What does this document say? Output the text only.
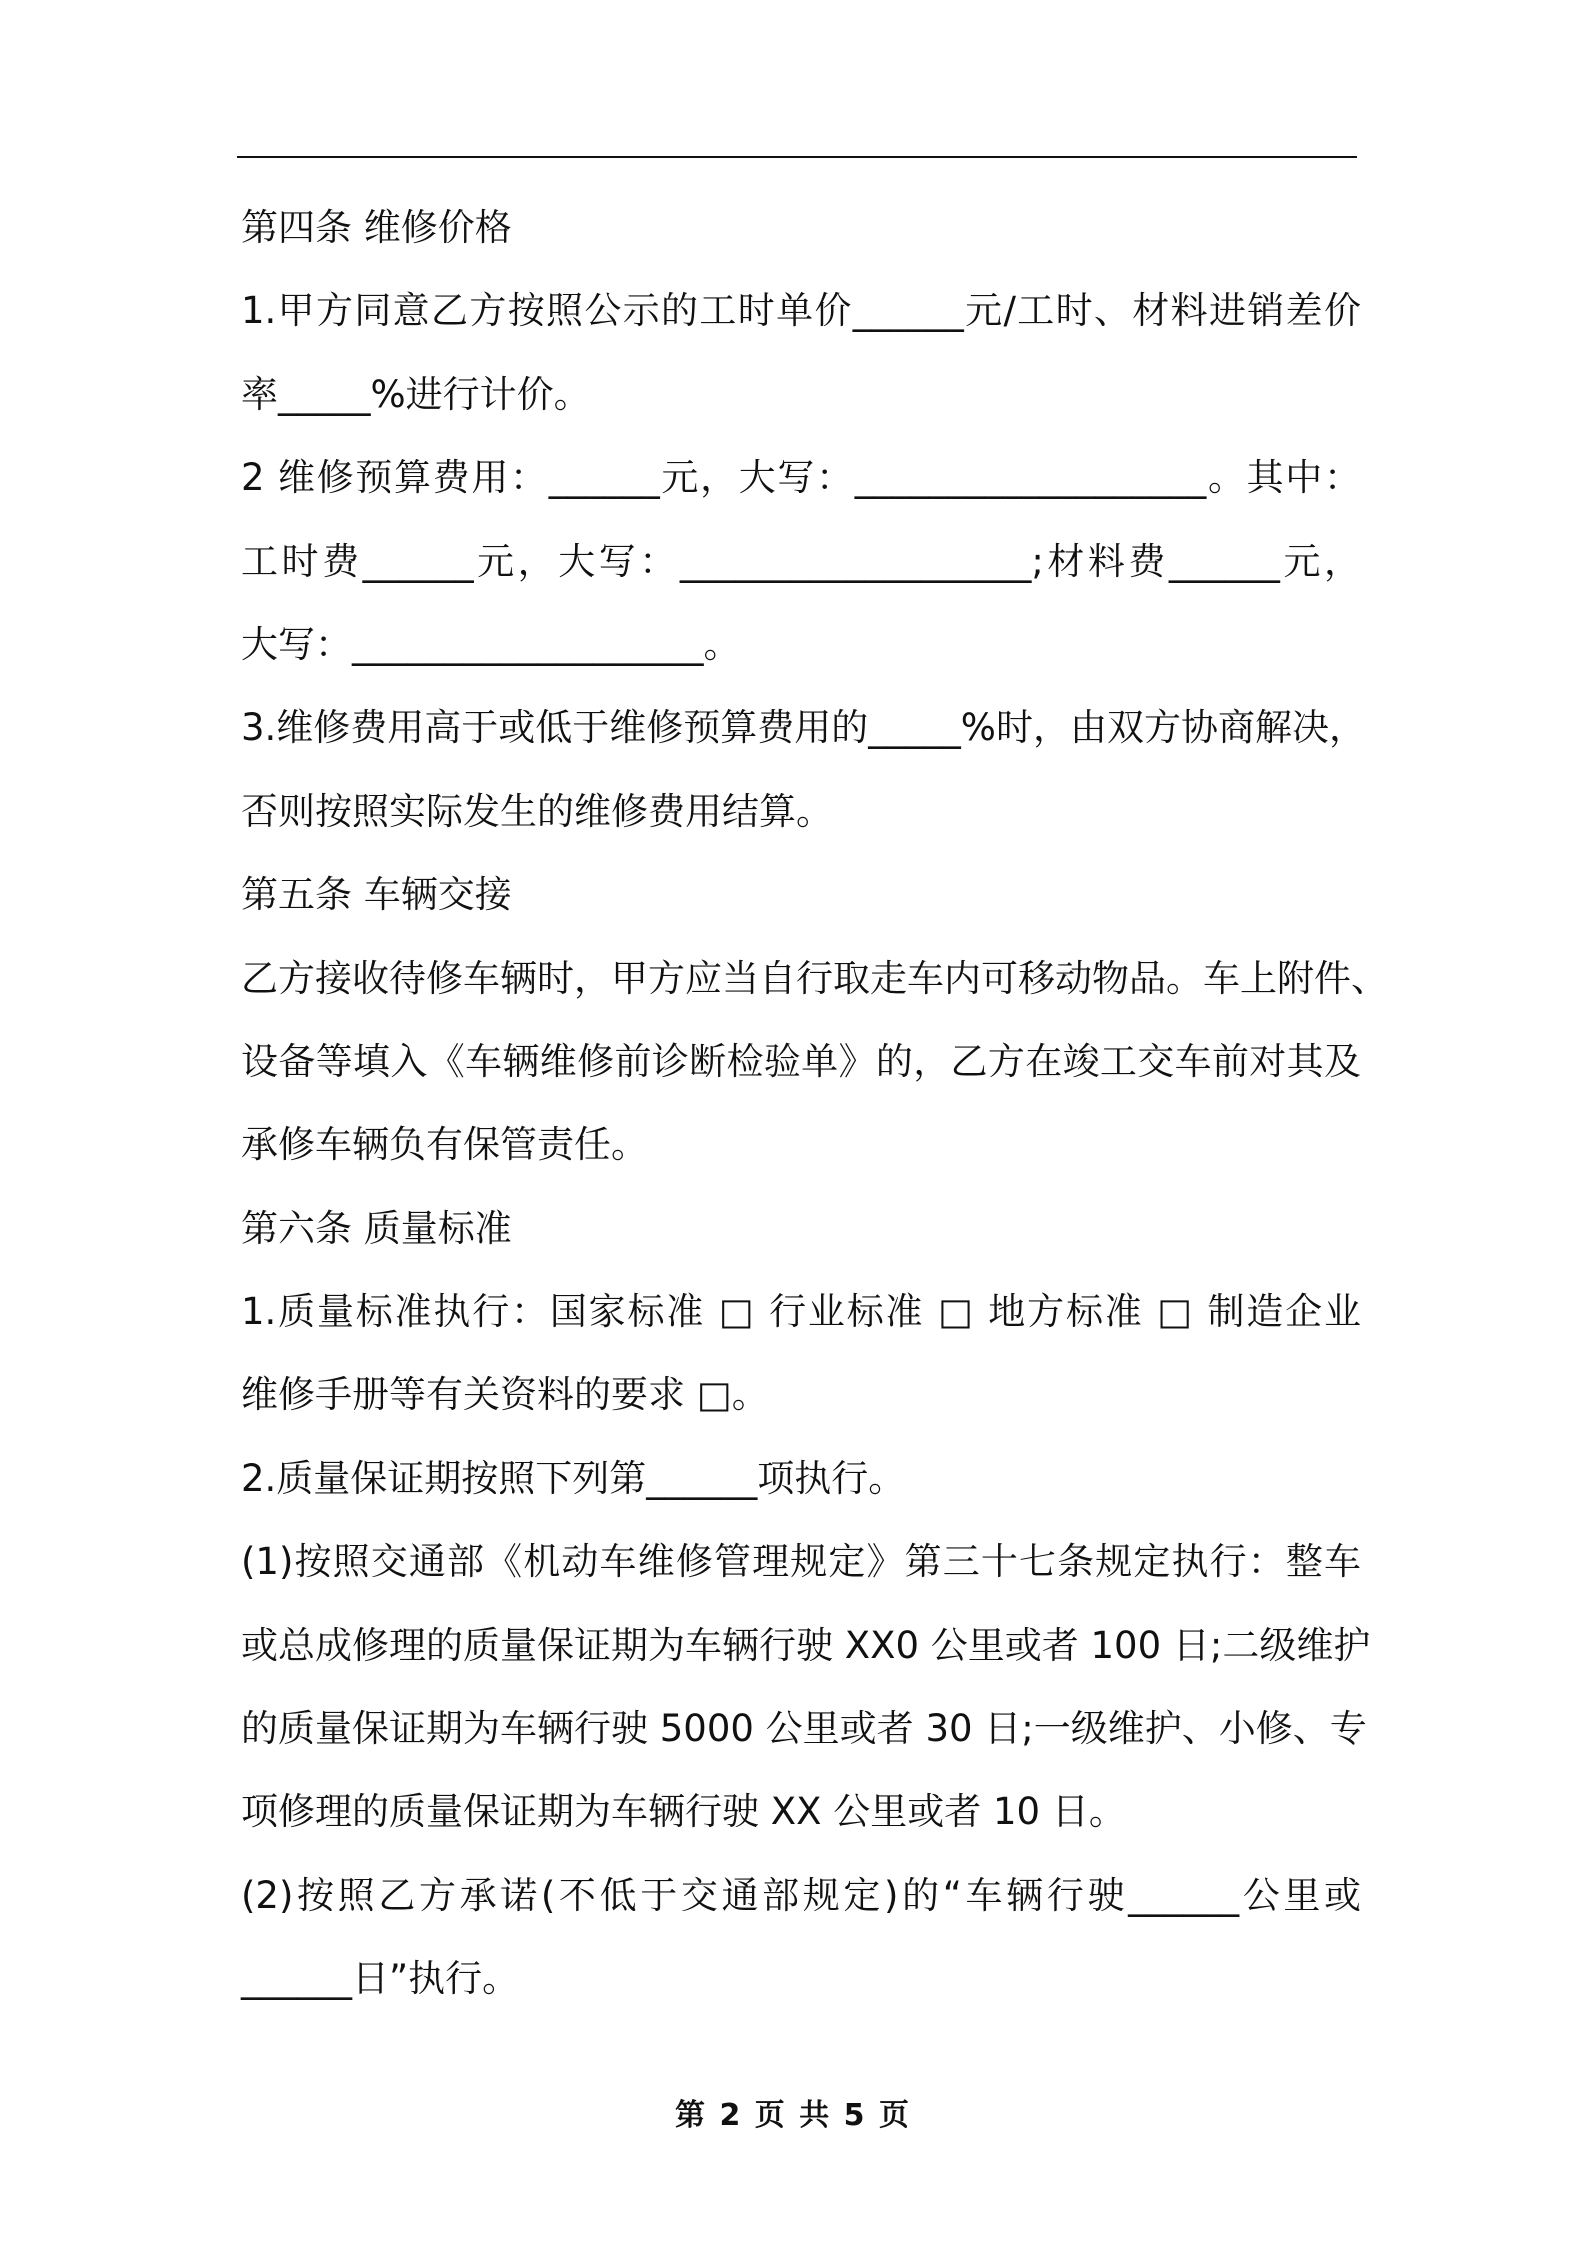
第四条 维修价格
1.甲方同意乙方按照公示的工时单价______元/工时、材料进销差价
率_____%进行计价。
2 维修预算费用：______元，大写：___________________。其中：
工时费______元，大写：___________________;材料费______元，
大写：___________________。
3.维修费用高于或低于维修预算费用的_____%时，由双方协商解决，
否则按照实际发生的维修费用结算。
第五条 车辆交接
乙方接收待修车辆时，甲方应当自行取走车内可移动物品。车上附件、
设备等填入《车辆维修前诊断检验单》的，乙方在竣工交车前对其及
承修车辆负有保管责任。
第六条 质量标准
1.质量标准执行：国家标准 □ 行业标准 □ 地方标准 □ 制造企业
维修手册等有关资料的要求 □。
2.质量保证期按照下列第______项执行。
(1)按照交通部《机动车维修管理规定》第三十七条规定执行：整车
或总成修理的质量保证期为车辆行驶 XX0 公里或者 100 日;二级维护
的质量保证期为车辆行驶 5000 公里或者 30 日;一级维护、小修、专
项修理的质量保证期为车辆行驶 XX 公里或者 10 日。
(2)按照乙方承诺(不低于交通部规定)的“车辆行驶______公里或
______日”执行。
第 2 页 共 5 页
